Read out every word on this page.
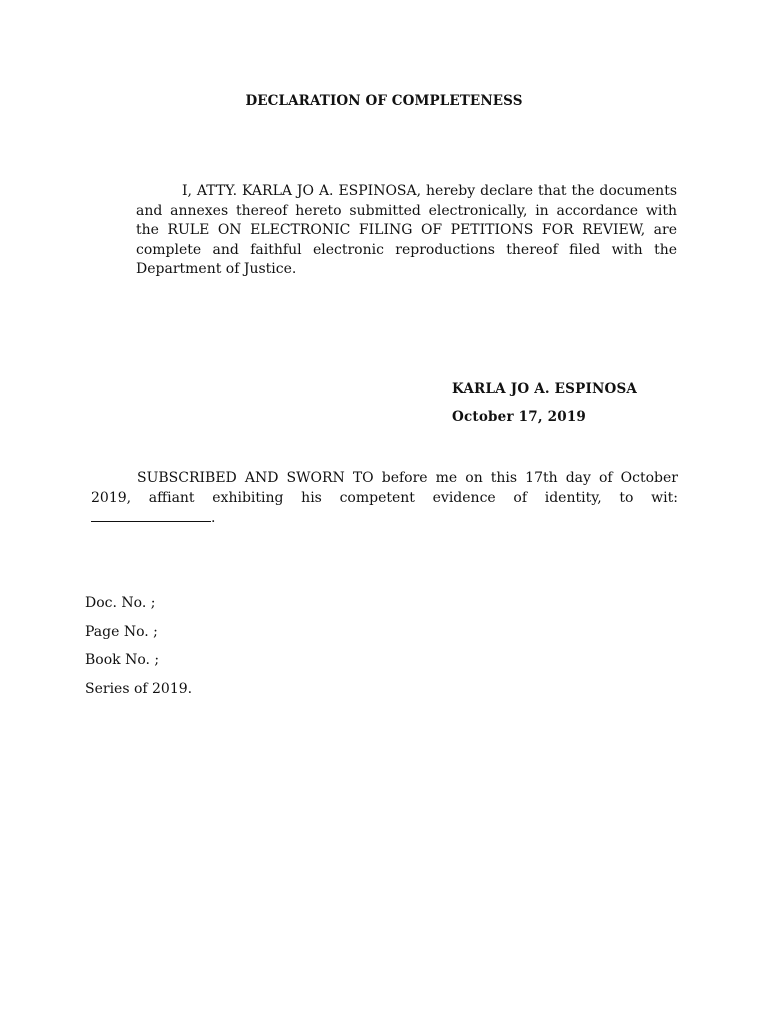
DECLARATION OF COMPLETENESS

I, ATTY. KARLA JO A. ESPINOSA, hereby declare that the documents and annexes thereof hereto submitted electronically, in accordance with the RULE ON ELECTRONIC FILING OF PETITIONS FOR REVIEW, are complete and faithful electronic reproductions thereof filed with the Department of Justice.

KARLA JO A. ESPINOSA
October 17, 2019

SUBSCRIBED AND SWORN TO before me on this 17th day of October 2019, affiant exhibiting his competent evidence of identity, to wit:

.
Doc. No. ;
Page No. ;
Book No. ;
Series of 2019.
